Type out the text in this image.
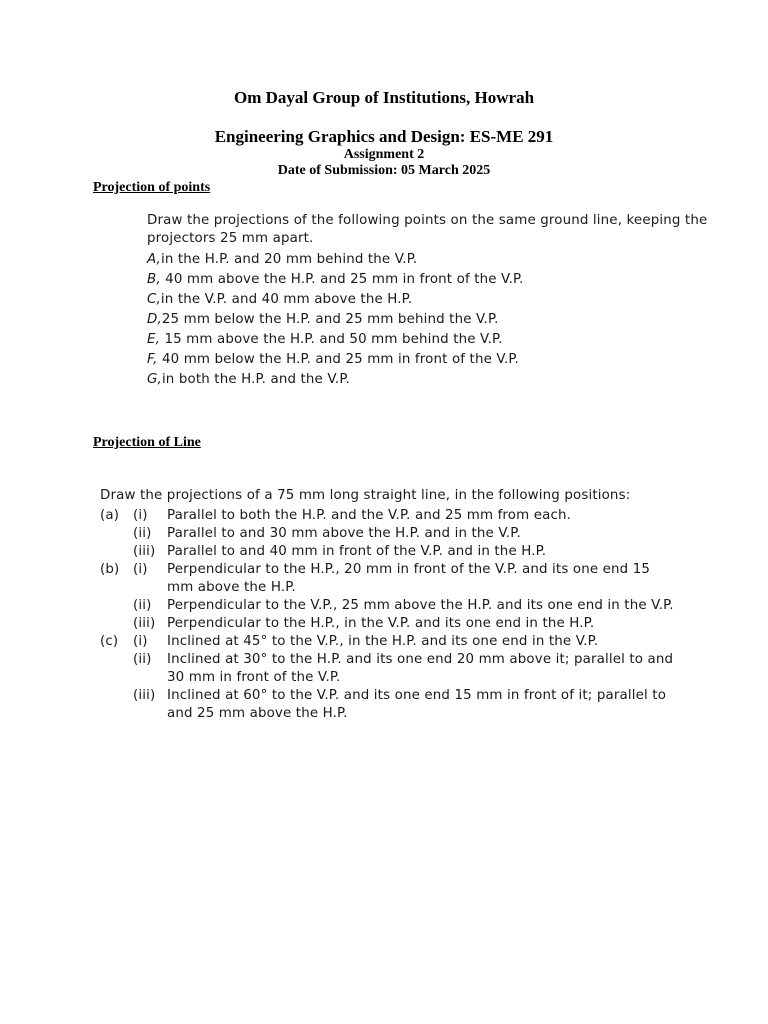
Om Dayal Group of Institutions, Howrah
Engineering Graphics and Design: ES-ME 291
Assignment 2
Date of Submission: 05 March 2025
Projection of points

Draw the projections of the following points on the same ground line, keeping the projectors 25 mm apart.

A,in the H.P. and 20 mm behind the V.P.

B, 40 mm above the H.P. and 25 mm in front of the V.P.

C,in the V.P. and 40 mm above the H.P.

D,25 mm below the H.P. and 25 mm behind the V.P.

E, 15 mm above the H.P. and 50 mm behind the V.P.

F, 40 mm below the H.P. and 25 mm in front of the V.P.

G,in both the H.P. and the V.P.

Projection of Line

Draw the projections of a 75 mm long straight line, in the following positions:

(a) (i) Parallel to both the H.P. and the V.P. and 25 mm from each.
(ii) Parallel to and 30 mm above the H.P. and in the V.P.
(iii) Parallel to and 40 mm in front of the V.P. and in the H.P.
(b) (i) Perpendicular to the H.P., 20 mm in front of the V.P. and its one end 15 mm above the H.P.
(ii) Perpendicular to the V.P., 25 mm above the H.P. and its one end in the V.P.
(iii) Perpendicular to the H.P., in the V.P. and its one end in the H.P.
(c) (i) Inclined at 45° to the V.P., in the H.P. and its one end in the V.P.
(ii) Inclined at 30° to the H.P. and its one end 20 mm above it; parallel to and 30 mm in front of the V.P.
(iii) Inclined at 60° to the V.P. and its one end 15 mm in front of it; parallel to and 25 mm above the H.P.
